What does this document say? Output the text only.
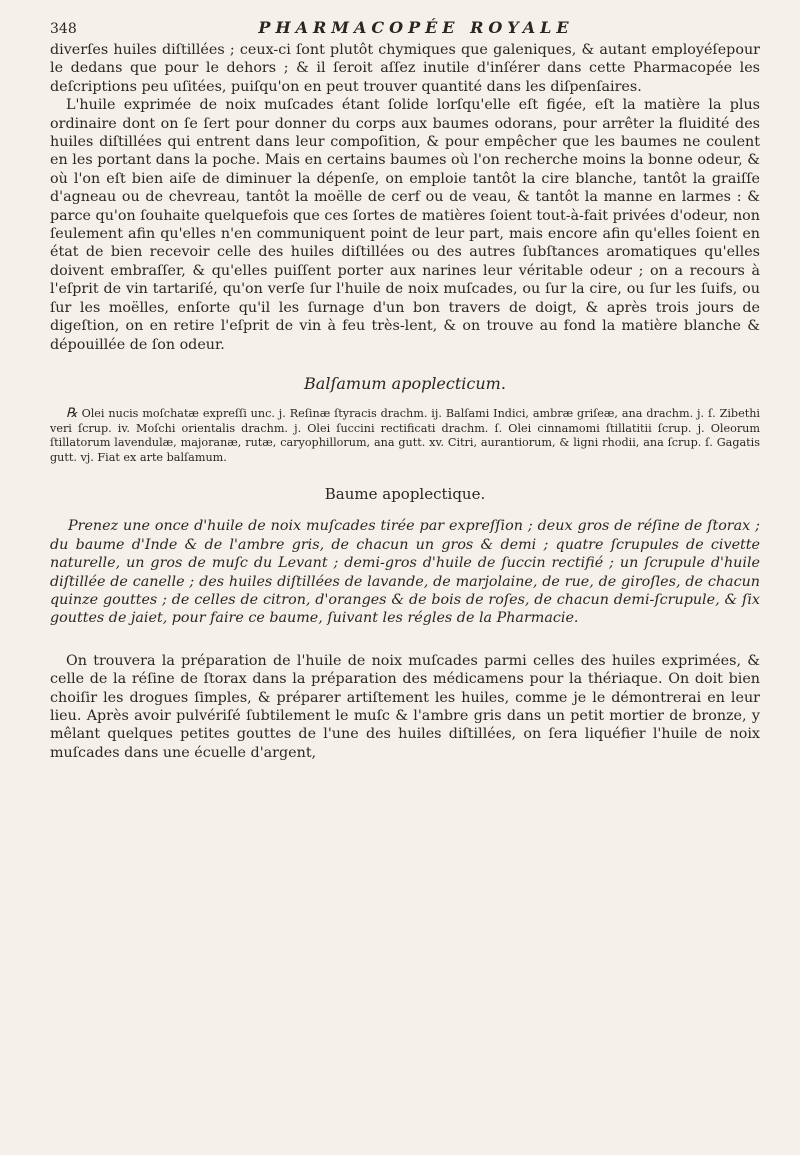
348	PHARMACOPÉE ROYALE

diverſes huiles diſtillées ; ceux-ci ſont plutôt chymiques que galeniques, & autant employéſepour le dedans que pour le dehors ; & il ſeroit aſſez inutile d'inſérer dans cette Pharmacopée les deſcriptions peu uſitées, puiſqu'on en peut trouver quantité dans les diſpenſaires.

L'huile exprimée de noix muſcades étant ſolide lorſqu'elle eſt figée, eſt la matière la plus ordinaire dont on ſe ſert pour donner du corps aux baumes odorans, pour arrêter la fluidité des huiles diſtillées qui entrent dans leur compoſition, & pour empêcher que les baumes ne coulent en les portant dans la poche. Mais en certains baumes où l'on recherche moins la bonne odeur, & où l'on eſt bien aiſe de diminuer la dépenſe, on emploie tantôt la cire blanche, tantôt la graiſſe d'agneau ou de chevreau, tantôt la moëlle de cerf ou de veau, & tantôt la manne en larmes : & parce qu'on ſouhaite quelquefois que ces ſortes de matières ſoient tout-à-fait privées d'odeur, non ſeulement afin qu'elles n'en communiquent point de leur part, mais encore afin qu'elles ſoient en état de bien recevoir celle des huiles diſtillées ou des autres ſubſtances aromatiques qu'elles doivent embraſſer, & qu'elles puiſſent porter aux narines leur véritable odeur ; on a recours à l'eſprit de vin tartariſé, qu'on verſe ſur l'huile de noix muſcades, ou ſur la cire, ou ſur les ſuifs, ou ſur les moëlles, enſorte qu'il les ſurnage d'un bon travers de doigt, & après trois jours de digeſtion, on en retire l'eſprit de vin à feu très-lent, & on trouve au fond la matière blanche & dépouillée de ſon odeur.

Balſamum apoplecticum.

℞ Olei nucis moſchatæ expreſſi unc. j. Reſinæ ſtyracis drachm. ij. Balſami Indici, ambræ griſeæ, ana drachm. j. ſ. Zibethi veri ſcrup. iv. Moſchi orientalis drachm. j. Olei ſuccini rectificati drachm. ſ. Olei cinnamomi ſtillatitii ſcrup. j. Oleorum ſtillatorum lavendulæ, majoranæ, rutæ, caryophillorum, ana gutt. xv. Citri, aurantiorum, & ligni rhodii, ana ſcrup. ſ. Gagatis gutt. vj. Fiat ex arte balſamum.

Baume apoplectique.

Prenez une once d'huile de noix muſcades tirée par expreſſion ; deux gros de réſine de ſtorax ; du baume d'Inde & de l'ambre gris, de chacun un gros & demi ; quatre ſcrupules de civette naturelle, un gros de muſc du Levant ; demi-gros d'huile de ſuccin rectifié ; un ſcrupule d'huile diſtillée de canelle ; des huiles diſtillées de lavande, de marjolaine, de rue, de giroſles, de chacun quinze gouttes ; de celles de citron, d'oranges & de bois de roſes, de chacun demi-ſcrupule, & ſix gouttes de jaiet, pour faire ce baume, ſuivant les régles de la Pharmacie.

On trouvera la préparation de l'huile de noix muſcades parmi celles des huiles exprimées, & celle de la réſine de ſtorax dans la préparation des médicamens pour la thériaque. On doit bien choiſir les drogues ſimples, & préparer artiſtement les huiles, comme je le démontrerai en leur lieu. Après avoir pulvériſé ſubtilement le muſc & l'ambre gris dans un petit mortier de bronze, y mêlant quelques petites gouttes de l'une des huiles diſtillées, on ſera liquéfier l'huile de noix muſcades dans une écuelle d'argent,
